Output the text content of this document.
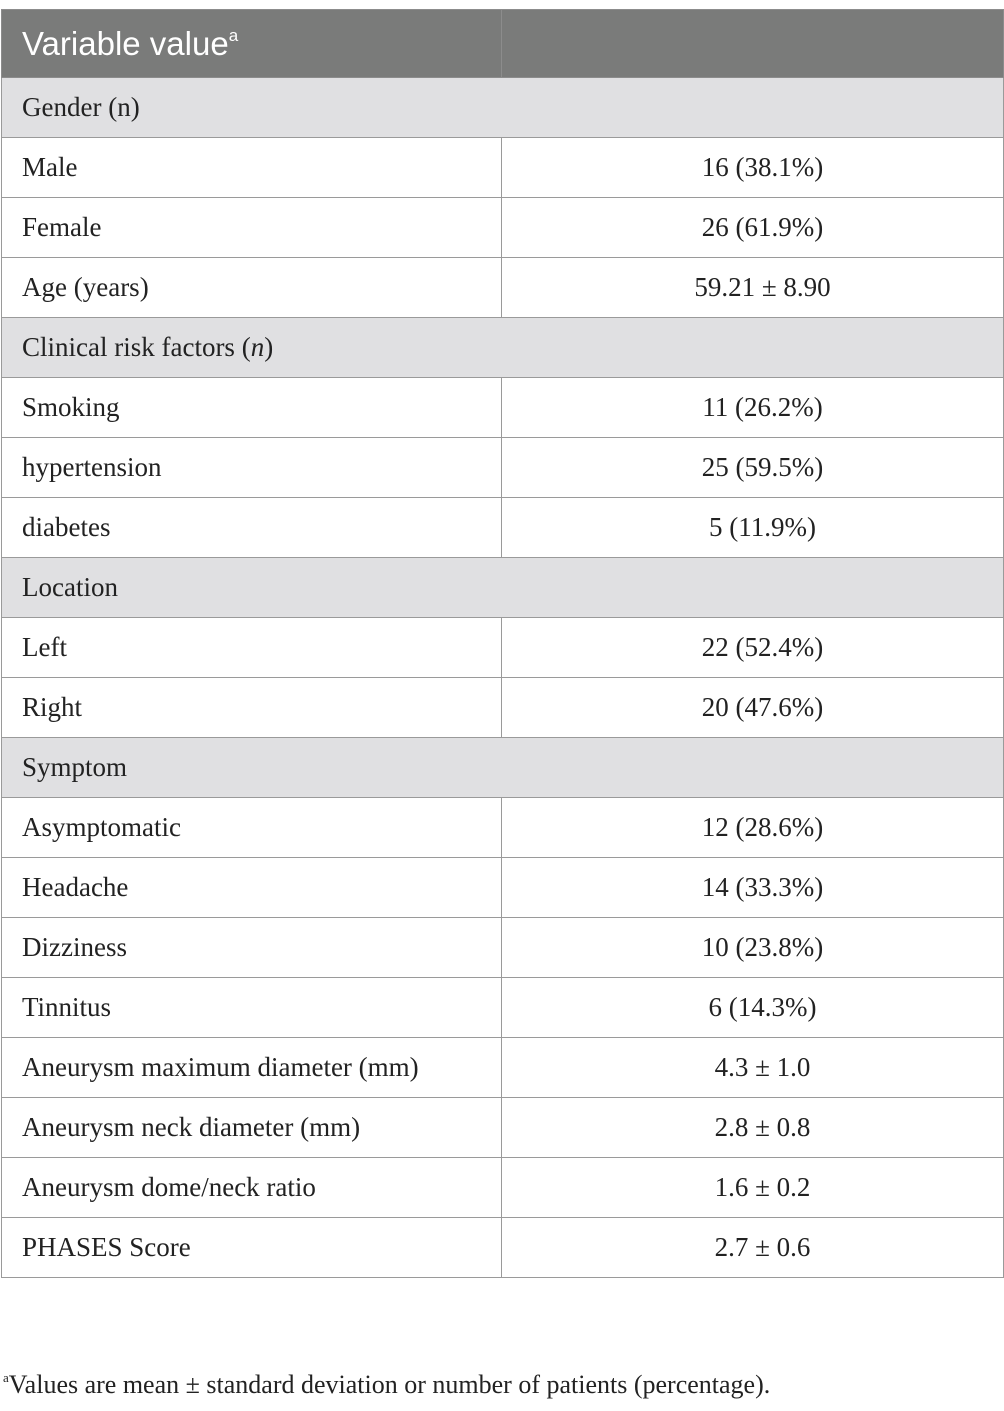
Variable value$^a$	
Gender (n)	
Male	16 (38.1%)
Female	26 (61.9%)
Age (years)	59.21 ± 8.90
Clinical risk factors (n)	
Smoking	11 (26.2%)
hypertension	25 (59.5%)
diabetes	5 (11.9%)
Location	
Left	22 (52.4%)
Right	20 (47.6%)
Symptom	
Asymptomatic	12 (28.6%)
Headache	14 (33.3%)
Dizziness	10 (23.8%)
Tinnitus	6 (14.3%)
Aneurysm maximum diameter (mm)	4.3 ± 1.0
Aneurysm neck diameter (mm)	2.8 ± 0.8
Aneurysm dome/neck ratio	1.6 ± 0.2
PHASES Score	2.7 ± 0.6
$^a$Values are mean ± standard deviation or number of patients (percentage).
